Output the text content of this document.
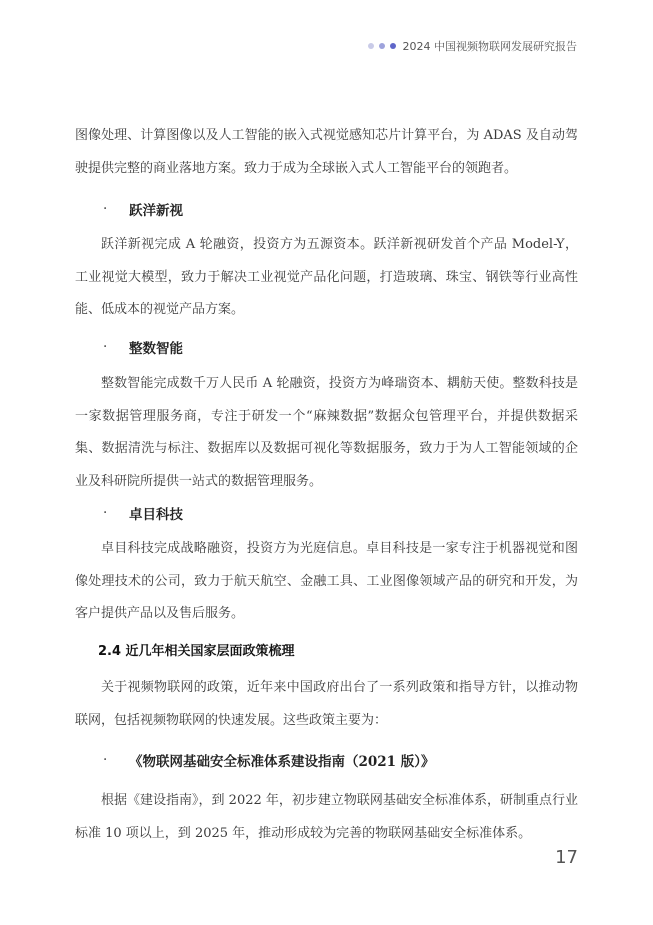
2024 中国视频物联网发展研究报告

图像处理、计算图像以及人工智能的嵌入式视觉感知芯片计算平台，为 ADAS 及自动驾驶提供完整的商业落地方案。致力于成为全球嵌入式人工智能平台的领跑者。

·	跃洋新视

跃洋新视完成 A 轮融资，投资方为五源资本。跃洋新视研发首个产品 Model-Y，工业视觉大模型，致力于解决工业视觉产品化问题，打造玻璃、珠宝、钢铁等行业高性能、低成本的视觉产品方案。

·	整数智能

整数智能完成数千万人民币 A 轮融资，投资方为峰瑞资本、耦舫天使。整数科技是一家数据管理服务商，专注于研发一个“麻辣数据”数据众包管理平台，并提供数据采集、数据清洗与标注、数据库以及数据可视化等数据服务，致力于为人工智能领域的企业及科研院所提供一站式的数据管理服务。

·	卓目科技

卓目科技完成战略融资，投资方为光庭信息。卓目科技是一家专注于机器视觉和图像处理技术的公司，致力于航天航空、金融工具、工业图像领域产品的研究和开发，为客户提供产品以及售后服务。

2.4 近几年相关国家层面政策梳理

关于视频物联网的政策，近年来中国政府出台了一系列政策和指导方针，以推动物联网，包括视频物联网的快速发展。这些政策主要为：

·	《物联网基础安全标准体系建设指南（2021 版）》

根据《建设指南》，到 2022 年，初步建立物联网基础安全标准体系，研制重点行业标准 10 项以上，到 2025 年，推动形成较为完善的物联网基础安全标准体系。

17
